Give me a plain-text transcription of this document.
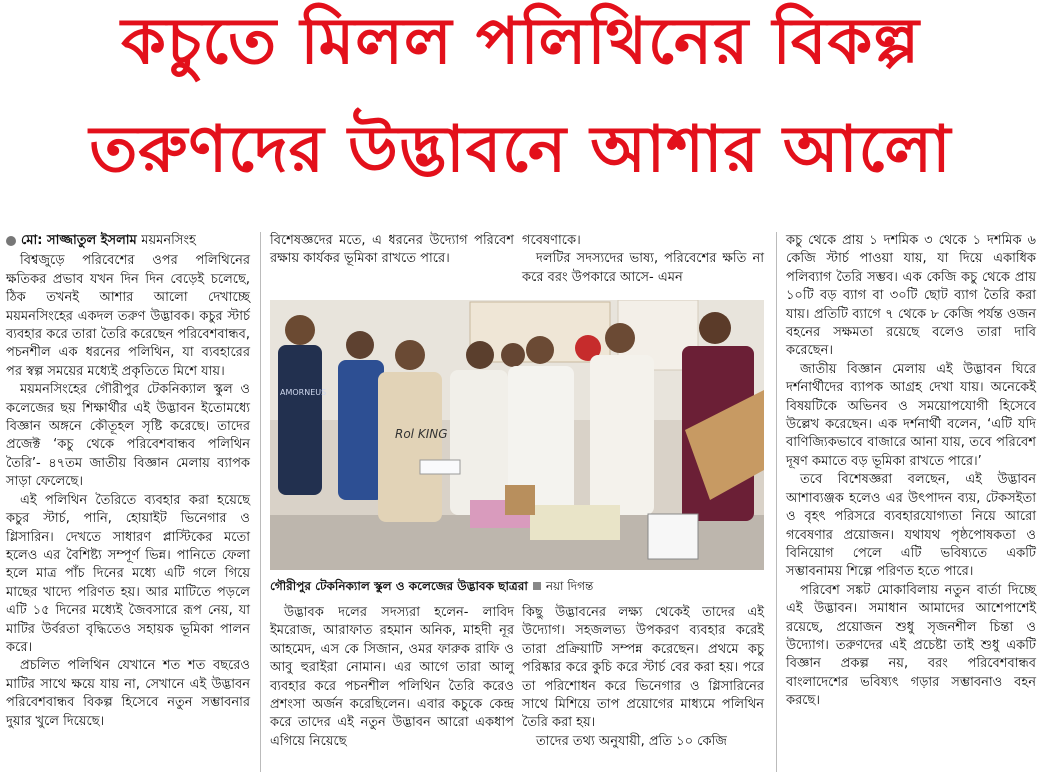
কচুতে মিলল পলিথিনের বিকল্প
তরুণদের উদ্ভাবনে আশার আলো
মো: সাজ্জাতুল ইসলাম ময়মনসিংহ

বিশ্বজুড়ে পরিবেশের ওপর পলিথিনের ক্ষতিকর প্রভাব যখন দিন দিন বেড়েই চলেছে, ঠিক তখনই আশার আলো দেখাচ্ছে ময়মনসিংহের একদল তরুণ উদ্ভাবক। কচুর স্টার্চ ব্যবহার করে তারা তৈরি করেছেন পরিবেশবান্ধব, পচনশীল এক ধরনের পলিথিন, যা ব্যবহারের পর স্বল্প সময়ের মধ্যেই প্রকৃতিতে মিশে যায়।

ময়মনসিংহের গৌরীপুর টেকনিক্যাল স্কুল ও কলেজের ছয় শিক্ষার্থীর এই উদ্ভাবন ইতোমধ্যে বিজ্ঞান অঙ্গনে কৌতূহল সৃষ্টি করেছে। তাদের প্রজেক্ট ‘কচু থেকে পরিবেশবান্ধব পলিথিন তৈরি’- ৪৭তম জাতীয় বিজ্ঞান মেলায় ব্যাপক সাড়া ফেলেছে।

এই পলিথিন তৈরিতে ব্যবহার করা হয়েছে কচুর স্টার্চ, পানি, হোয়াইট ভিনেগার ও গ্লিসারিন। দেখতে সাধারণ প্লাস্টিকের মতো হলেও এর বৈশিষ্ট্য সম্পূর্ণ ভিন্ন। পানিতে ফেলা হলে মাত্র পাঁচ দিনের মধ্যে এটি গলে গিয়ে মাছের খাদ্যে পরিণত হয়। আর মাটিতে পড়লে এটি ১৫ দিনের মধ্যেই জৈবসারে রূপ নেয়, যা মাটির উর্বরতা বৃদ্ধিতেও সহায়ক ভূমিকা পালন করে।

প্রচলিত পলিথিন যেখানে শত শত বছরেও মাটির সাথে ক্ষয়ে যায় না, সেখানে এই উদ্ভাবন পরিবেশবান্ধব বিকল্প হিসেবে নতুন সম্ভাবনার দুয়ার খুলে দিয়েছে।

বিশেষজ্ঞদের মতে, এ ধরনের উদ্যোগ পরিবেশ রক্ষায় কার্যকর ভূমিকা রাখতে পারে।

গবেষণাকে।

দলটির সদস্যদের ভাষ্য, পরিবেশের ক্ষতি না করে বরং উপকারে আসে- এমন

Rol KING
AMORNEUS
গৌরীপুর টেকনিক্যাল স্কুল ও কলেজের উদ্ভাবক ছাত্ররা নয়া দিগন্ত

উদ্ভাবক দলের সদস্যরা হলেন- লাবিদ ইমরোজ, আরাফাত রহমান অনিক, মাহদী নূর আহমেদ, এস কে সিজান, ওমর ফারুক রাফি ও আবু হুরাইরা নোমান। এর আগে তারা আলু ব্যবহার করে পচনশীল পলিথিন তৈরি করেও প্রশংসা অর্জন করেছিলেন। এবার কচুকে কেন্দ্র করে তাদের এই নতুন উদ্ভাবন আরো একধাপ এগিয়ে নিয়েছে

কিছু উদ্ভাবনের লক্ষ্য থেকেই তাদের এই উদ্যোগ। সহজলভ্য উপকরণ ব্যবহার করেই তারা প্রক্রিয়াটি সম্পন্ন করেছেন। প্রথমে কচু পরিষ্কার করে কুচি করে স্টার্চ বের করা হয়। পরে তা পরিশোধন করে ভিনেগার ও গ্লিসারিনের সাথে মিশিয়ে তাপ প্রয়োগের মাধ্যমে পলিথিন তৈরি করা হয়।

তাদের তথ্য অনুযায়ী, প্রতি ১০ কেজি

কচু থেকে প্রায় ১ দশমিক ৩ থেকে ১ দশমিক ৬ কেজি স্টার্চ পাওয়া যায়, যা দিয়ে একাধিক পলিব্যাগ তৈরি সম্ভব। এক কেজি কচু থেকে প্রায় ১০টি বড় ব্যাগ বা ৩০টি ছোট ব্যাগ তৈরি করা যায়। প্রতিটি ব্যাগে ৭ থেকে ৮ কেজি পর্যন্ত ওজন বহনের সক্ষমতা রয়েছে বলেও তারা দাবি করেছেন।

জাতীয় বিজ্ঞান মেলায় এই উদ্ভাবন ঘিরে দর্শনার্থীদের ব্যাপক আগ্রহ দেখা যায়। অনেকেই বিষয়টিকে অভিনব ও সময়োপযোগী হিসেবে উল্লেখ করেছেন। এক দর্শনার্থী বলেন, ‘এটি যদি বাণিজ্যিকভাবে বাজারে আনা যায়, তবে পরিবেশ দূষণ কমাতে বড় ভূমিকা রাখতে পারে।’

তবে বিশেষজ্ঞরা বলছেন, এই উদ্ভাবন আশাব্যঞ্জক হলেও এর উৎপাদন ব্যয়, টেকসইতা ও বৃহৎ পরিসরে ব্যবহারযোগ্যতা নিয়ে আরো গবেষণার প্রয়োজন। যথাযথ পৃষ্ঠপোষকতা ও বিনিয়োগ পেলে এটি ভবিষ্যতে একটি সম্ভাবনাময় শিল্পে পরিণত হতে পারে।

পরিবেশ সঙ্কট মোকাবিলায় নতুন বার্তা দিচ্ছে এই উদ্ভাবন। সমাধান আমাদের আশেপাশেই রয়েছে, প্রয়োজন শুধু সৃজনশীল চিন্তা ও উদ্যোগ। তরুণদের এই প্রচেষ্টা তাই শুধু একটি বিজ্ঞান প্রকল্প নয়, বরং পরিবেশবান্ধব বাংলাদেশের ভবিষ্যৎ গড়ার সম্ভাবনাও বহন করছে।
